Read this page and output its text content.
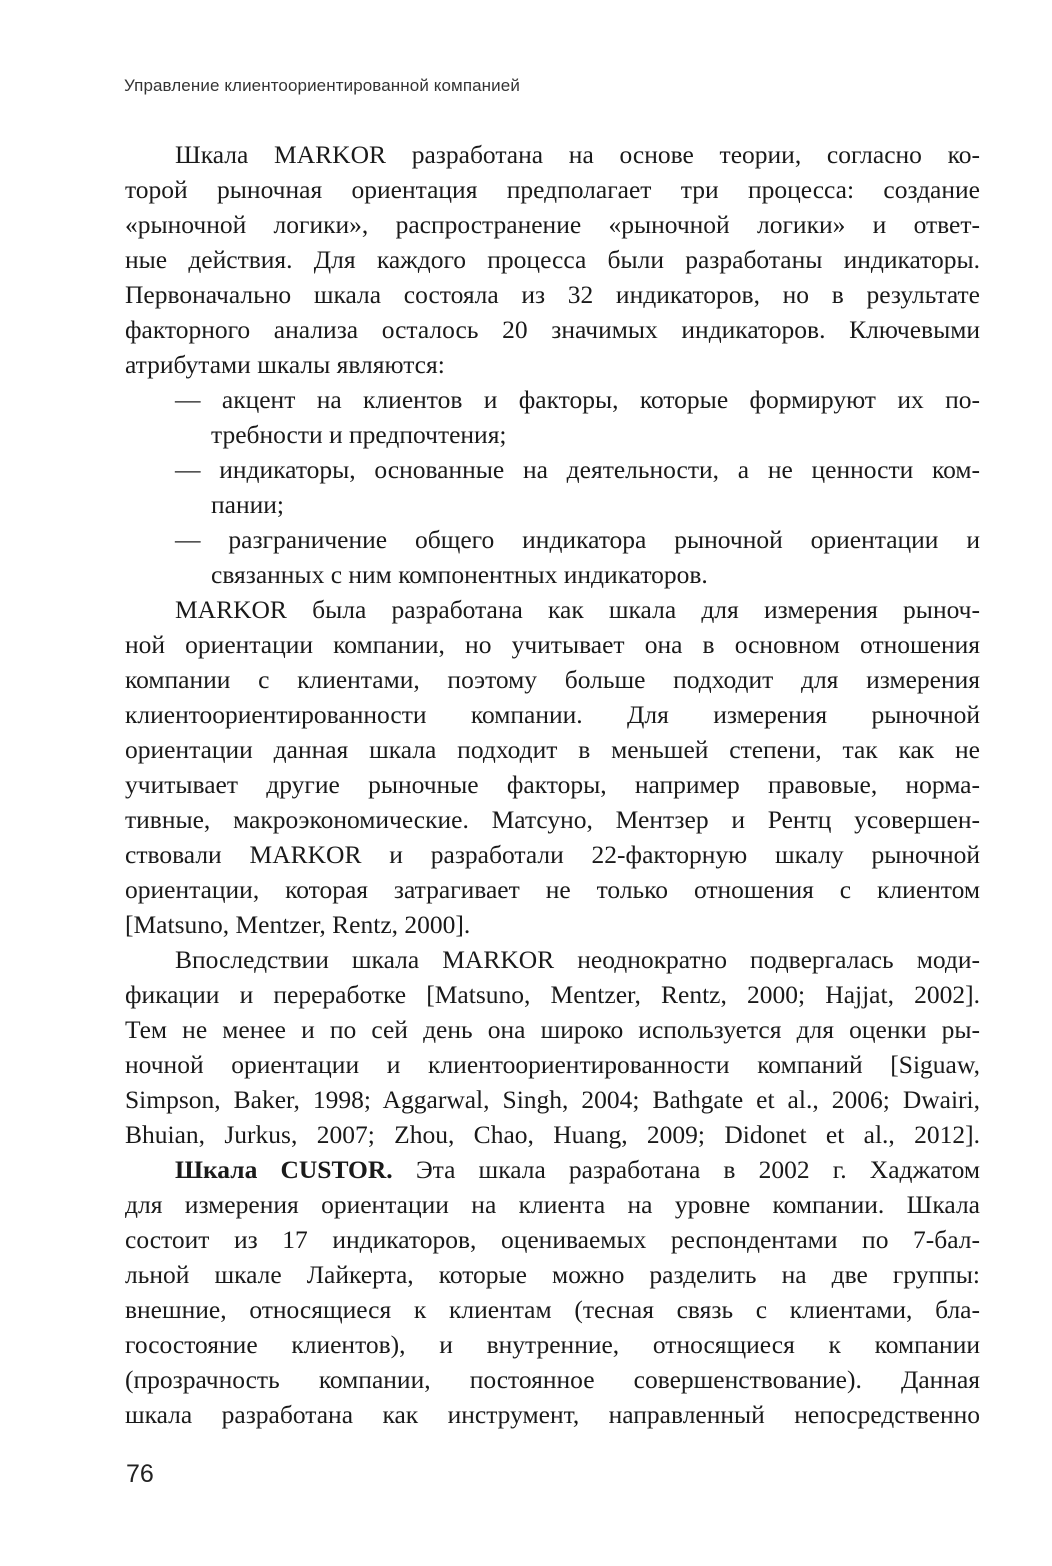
Управление клиентоориентированной компанией
Шкала MARKOR разработана на основе теории, согласно ко-
торой рыночная ориентация предполагает три процесса: создание
«рыночной логики», распространение «рыночной логики» и ответ-
ные действия. Для каждого процесса были разработаны индикаторы.
Первоначально шкала состояла из 32 индикаторов, но в результате
факторного анализа осталось 20 значимых индикаторов. Ключевыми
атрибутами шкалы являются:
— акцент на клиентов и факторы, которые формируют их по-
требности и предпочтения;
— индикаторы, основанные на деятельности, а не ценности ком-
пании;
— разграничение общего индикатора рыночной ориентации и
связанных с ним компонентных индикаторов.
MARKOR была разработана как шкала для измерения рыноч-
ной ориентации компании, но учитывает она в основном отношения
компании с клиентами, поэтому больше подходит для измерения
клиентоориентированности компании. Для измерения рыночной
ориентации данная шкала подходит в меньшей степени, так как не
учитывает другие рыночные факторы, например правовые, норма-
тивные, макроэкономические. Матсуно, Ментзер и Рентц усовершен-
ствовали MARKOR и разработали 22-факторную шкалу рыночной
ориентации, которая затрагивает не только отношения с клиентом
[Matsuno, Mentzer, Rentz, 2000].
Впоследствии шкала MARKOR неоднократно подвергалась моди-
фикации и переработке [Matsuno, Mentzer, Rentz, 2000; Hajjat, 2002].
Тем не менее и по сей день она широко используется для оценки ры-
ночной ориентации и клиентоориентированности компаний [Siguaw,
Simpson, Baker, 1998; Aggarwal, Singh, 2004; Bathgate et al., 2006; Dwairi,
Bhuian, Jurkus, 2007; Zhou, Chao, Huang, 2009; Didonet et al., 2012].
Шкала CUSTOR. Эта шкала разработана в 2002 г. Хаджатом
для измерения ориентации на клиента на уровне компании. Шкала
состоит из 17 индикаторов, оцениваемых респондентами по 7-бал-
льной шкале Лайкерта, которые можно разделить на две группы:
внешние, относящиеся к клиентам (тесная связь с клиентами, бла-
госостояние клиентов), и внутренние, относящиеся к компании
(прозрачность компании, постоянное совершенствование). Данная
шкала разработана как инструмент, направленный непосредственно
76
